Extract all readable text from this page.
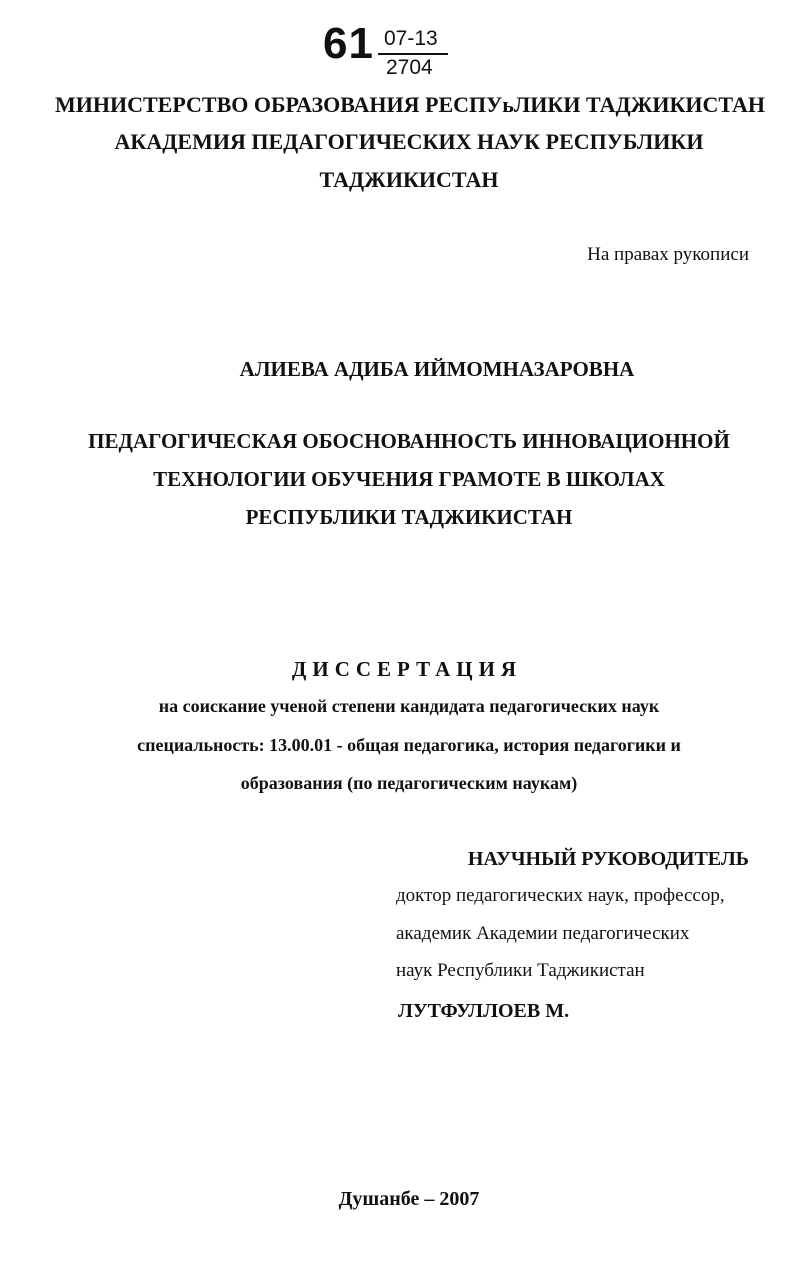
61 07-13
2704
МИНИСТЕРСТВО ОБРАЗОВАНИЯ РЕСПУьЛИКИ ТАДЖИКИСТАН
АКАДЕМИЯ ПЕДАГОГИЧЕСКИХ НАУК РЕСПУБЛИКИ
ТАДЖИКИСТАН
На правах рукописи
АЛИЕВА АДИБА ИЙМОМНАЗАРОВНА
ПЕДАГОГИЧЕСКАЯ ОБОСНОВАННОСТЬ ИННОВАЦИОННОЙ
ТЕХНОЛОГИИ ОБУЧЕНИЯ ГРАМОТЕ В ШКОЛАХ
РЕСПУБЛИКИ ТАДЖИКИСТАН
ДИССЕРТАЦИЯ
на соискание ученой степени кандидата педагогических наук
специальность: 13.00.01 - общая педагогика, история педагогики и
образования (по педагогическим наукам)
НАУЧНЫЙ РУКОВОДИТЕЛЬ
доктор педагогических наук, профессор,
академик Академии педагогических
наук Республики Таджикистан
ЛУТФУЛЛОЕВ М.
Душанбе – 2007
